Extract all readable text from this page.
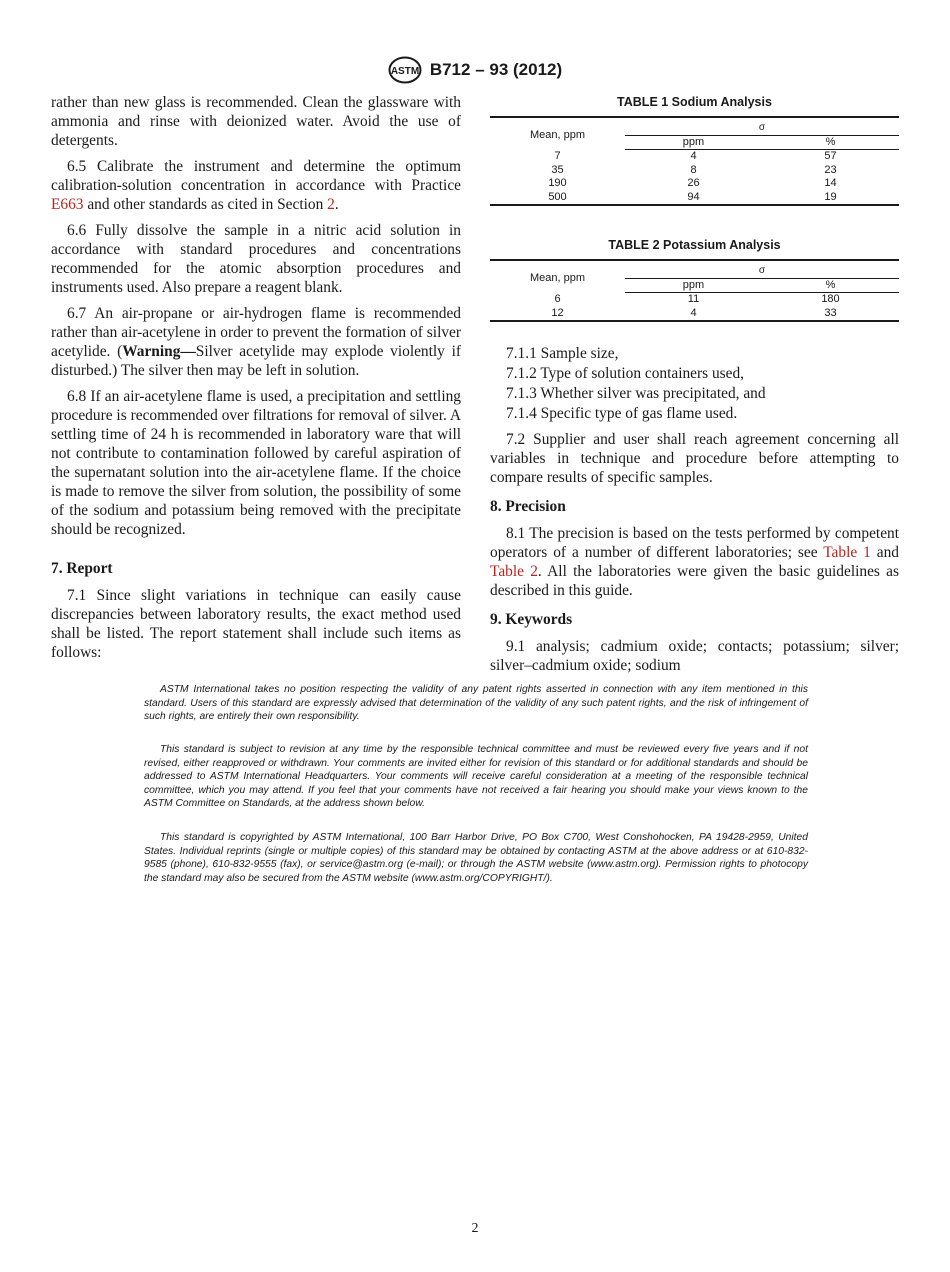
ASTM B712 – 93 (2012)

rather than new glass is recommended. Clean the glassware with ammonia and rinse with deionized water. Avoid the use of detergents.

6.5 Calibrate the instrument and determine the optimum calibration-solution concentration in accordance with Practice E663 and other standards as cited in Section 2.

6.6 Fully dissolve the sample in a nitric acid solution in accordance with standard procedures and concentrations recommended for the atomic absorption procedures and instruments used. Also prepare a reagent blank.

6.7 An air-propane or air-hydrogen flame is recommended rather than air-acetylene in order to prevent the formation of silver acetylide. (Warning—Silver acetylide may explode violently if disturbed.) The silver then may be left in solution.

6.8 If an air-acetylene flame is used, a precipitation and settling procedure is recommended over filtrations for removal of silver. A settling time of 24 h is recommended in laboratory ware that will not contribute to contamination followed by careful aspiration of the supernatant solution into the air-acetylene flame. If the choice is made to remove the silver from solution, the possibility of some of the sodium and potassium being removed with the precipitate should be recognized.

7. Report

7.1 Since slight variations in technique can easily cause discrepancies between laboratory results, the exact method used shall be listed. The report statement shall include such items as follows:

TABLE 1 Sodium Analysis
Mean, ppm	σ	
	ppm	%
7	4	57
35	8	23
190	26	14
500	94	19
TABLE 2 Potassium Analysis
Mean, ppm	σ	
	ppm	%
6	11	180
12	4	33
7.1.1 Sample size,
7.1.2 Type of solution containers used,
7.1.3 Whether silver was precipitated, and
7.1.4 Specific type of gas flame used.

7.2 Supplier and user shall reach agreement concerning all variables in technique and procedure before attempting to compare results of specific samples.

8. Precision

8.1 The precision is based on the tests performed by competent operators of a number of different laboratories; see Table 1 and Table 2. All the laboratories were given the basic guidelines as described in this guide.

9. Keywords

9.1 analysis; cadmium oxide; contacts; potassium; silver; silver–cadmium oxide; sodium

ASTM International takes no position respecting the validity of any patent rights asserted in connection with any item mentioned in this standard. Users of this standard are expressly advised that determination of the validity of any such patent rights, and the risk of infringement of such rights, are entirely their own responsibility.

This standard is subject to revision at any time by the responsible technical committee and must be reviewed every five years and if not revised, either reapproved or withdrawn. Your comments are invited either for revision of this standard or for additional standards and should be addressed to ASTM International Headquarters. Your comments will receive careful consideration at a meeting of the responsible technical committee, which you may attend. If you feel that your comments have not received a fair hearing you should make your views known to the ASTM Committee on Standards, at the address shown below.

This standard is copyrighted by ASTM International, 100 Barr Harbor Drive, PO Box C700, West Conshohocken, PA 19428-2959, United States. Individual reprints (single or multiple copies) of this standard may be obtained by contacting ASTM at the above address or at 610-832-9585 (phone), 610-832-9555 (fax), or service@astm.org (e-mail); or through the ASTM website (www.astm.org). Permission rights to photocopy the standard may also be secured from the ASTM website (www.astm.org/COPYRIGHT/).

2
